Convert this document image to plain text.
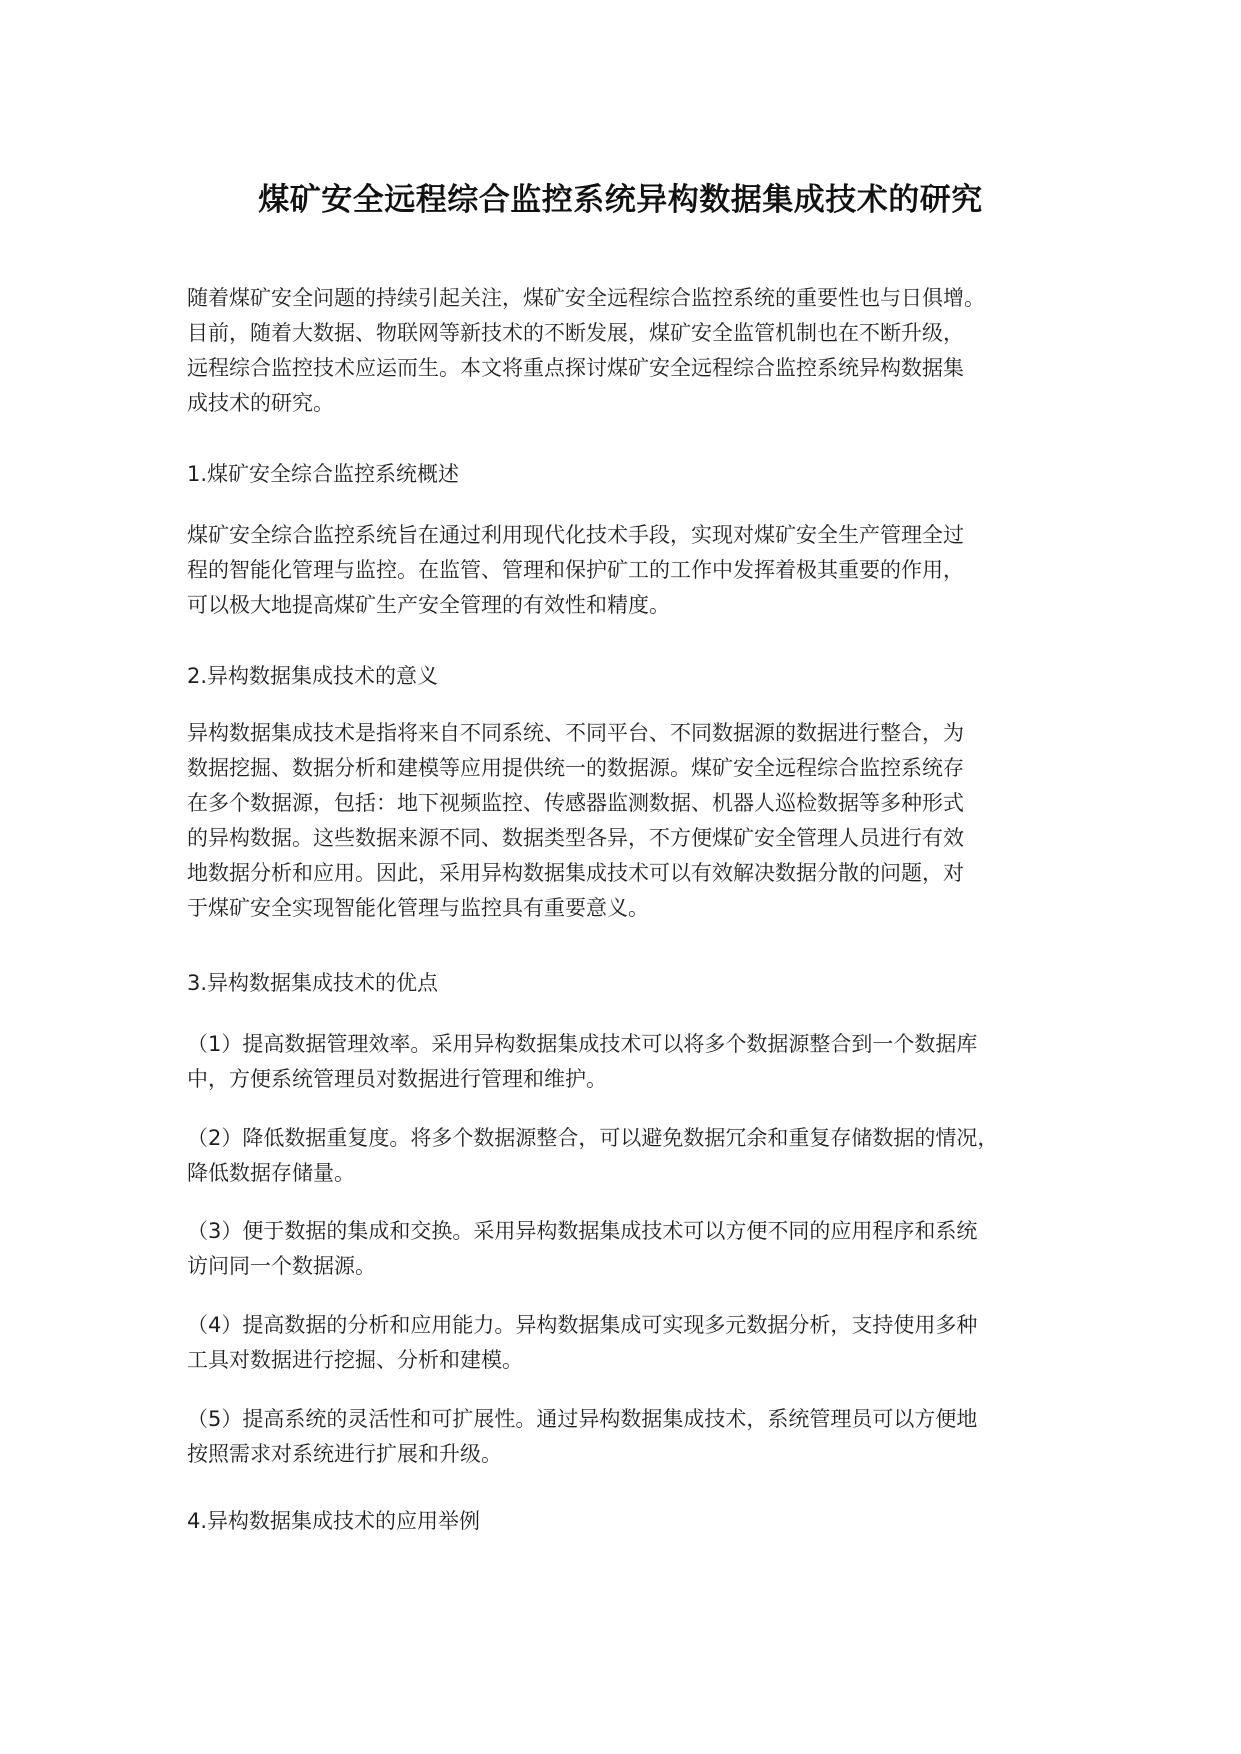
煤矿安全远程综合监控系统异构数据集成技术的研究
随着煤矿安全问题的持续引起关注，煤矿安全远程综合监控系统的重要性也与日俱增。
目前，随着大数据、物联网等新技术的不断发展，煤矿安全监管机制也在不断升级，
远程综合监控技术应运而生。本文将重点探讨煤矿安全远程综合监控系统异构数据集
成技术的研究。
1.煤矿安全综合监控系统概述
煤矿安全综合监控系统旨在通过利用现代化技术手段，实现对煤矿安全生产管理全过
程的智能化管理与监控。在监管、管理和保护矿工的工作中发挥着极其重要的作用，
可以极大地提高煤矿生产安全管理的有效性和精度。
2.异构数据集成技术的意义
异构数据集成技术是指将来自不同系统、不同平台、不同数据源的数据进行整合，为
数据挖掘、数据分析和建模等应用提供统一的数据源。煤矿安全远程综合监控系统存
在多个数据源，包括：地下视频监控、传感器监测数据、机器人巡检数据等多种形式
的异构数据。这些数据来源不同、数据类型各异，不方便煤矿安全管理人员进行有效
地数据分析和应用。因此，采用异构数据集成技术可以有效解决数据分散的问题，对
于煤矿安全实现智能化管理与监控具有重要意义。
3.异构数据集成技术的优点
（1）提高数据管理效率。采用异构数据集成技术可以将多个数据源整合到一个数据库
中，方便系统管理员对数据进行管理和维护。
（2）降低数据重复度。将多个数据源整合，可以避免数据冗余和重复存储数据的情况，
降低数据存储量。
（3）便于数据的集成和交换。采用异构数据集成技术可以方便不同的应用程序和系统
访问同一个数据源。
（4）提高数据的分析和应用能力。异构数据集成可实现多元数据分析，支持使用多种
工具对数据进行挖掘、分析和建模。
（5）提高系统的灵活性和可扩展性。通过异构数据集成技术，系统管理员可以方便地
按照需求对系统进行扩展和升级。
4.异构数据集成技术的应用举例
